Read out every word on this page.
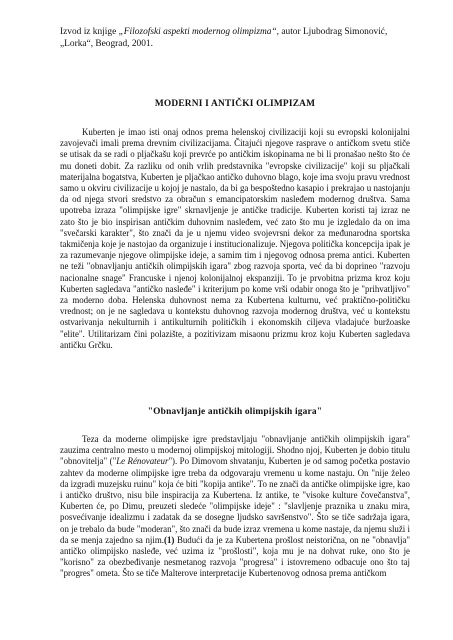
Izvod iz knjige „Filozofski aspekti modernog olimpizma“, autor Ljubodrag Simonović, „Lorka“, Beograd, 2001.
MODERNI I ANTIČKI OLIMPIZAM

Kuberten je imao isti onaj odnos prema helenskoj civilizaciji koji su evropski kolonijalni zavojevači imali prema drevnim civilizacijama. Čitajući njegove rasprave o antičkom svetu stiče se utisak da se radi o pljačkašu koji prevrće po antičkim iskopinama ne bi li pronašao nešto što će mu doneti dobit. Za razliku od onih vrlih predstavnika "evropske civilizacije" koji su pljačkali materijalna bogatstva, Kuberten je pljačkao antičko duhovno blago, koje ima svoju pravu vrednost samo u okviru civilizacije u kojoj je nastalo, da bi ga bespoštedno kasapio i prekrajao u nastojanju da od njega stvori sredstvo za obračun s emancipatorskim nasleđem modernog društva. Sama upotreba izraza "olimpijske igre" skrnavljenje je antičke tradicije. Kuberten koristi taj izraz ne zato što je bio inspirisan antičkim duhovnim nasleđem, već zato što mu je izgledalo da on ima "svečarski karakter", što znači da je u njemu video svojevrsni dekor za međunarodna sportska takmičenja koje je nastojao da organizuje i institucionalizuje. Njegova politička koncepcija ipak je za razumevanje njegove olimpijske ideje, a samim tim i njegovog odnosa prema antici. Kuberten ne teži "obnavljanju antičkih olimpijskih igara" zbog razvoja sporta, već da bi doprineo "razvoju nacionalne snage" Francuske i njenoj kolonijalnoj ekspanziji. To je prvobitna prizma kroz koju Kuberten sagledava "antičko nasleđe" i kriterijum po kome vrši odabir onoga što je "prihvatljivo" za moderno doba. Helenska duhovnost nema za Kubertena kulturnu, već praktično-političku vrednost; on je ne sagledava u kontekstu duhovnog razvoja modernog društva, već u kontekstu ostvarivanja nekulturnih i antikulturnih političkih i ekonomskih ciljeva vladajuće buržoaske "elite". Utilitarizam čini polazište, a pozitivizam misaonu prizmu kroz koju Kuberten sagledava antičku Grčku.

"Obnavljanje antičkih olimpijskih igara"

Teza da moderne olimpijske igre predstavljaju "obnavljanje antičkih olimpijskih igara" zauzima centralno mesto u modernoj olimpijskoj mitologiji. Shodno njoj, Kuberten je dobio titulu "obnovitelja" ("Le Rénovateur"). Po Dimovom shvatanju, Kuberten je od samog početka postavio zahtev da moderne olimpijske igre treba da odgovaraju vremenu u kome nastaju. On "nije želeo da izgradi muzejsku ruinu" koja će biti "kopija antike". To ne znači da antičke olimpijske igre, kao i antičko društvo, nisu bile inspiracija za Kubertena. Iz antike, te "visoke kulture čovečanstva", Kuberten će, po Dimu, preuzeti sledeće "olimpijske ideje" : "slavljenje praznika u znaku mira, posvećivanje idealizmu i zadatak da se dosegne ljudsko savršenstvo". Što se tiče sadržaja igara, on je trebalo da bude "moderan", što znači da bude izraz vremena u kome nastaje, da njemu služi i da se menja zajedno sa njim.(1) Budući da je za Kubertena prošlost neistorična, on ne "obnavlja" antičko olimpijsko nasleđe, već uzima iz "prošlosti", koja mu je na dohvat ruke, ono što je "korisno" za obezbeđivanje nesmetanog razvoja "progresa" i istovremeno odbacuje ono što taj "progres" ometa. Što se tiče Malterove interpretacije Kubertenovog odnosa prema antičkom
